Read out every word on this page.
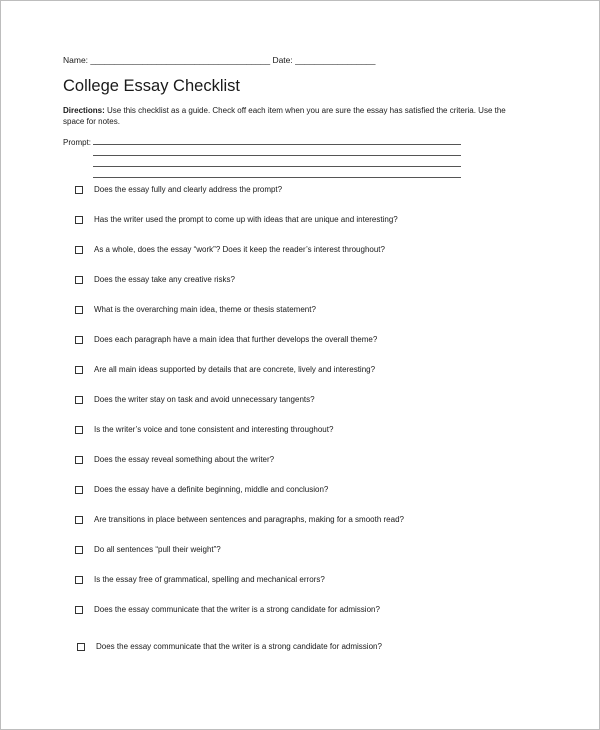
Name: ______________________________________ Date: _________________
College Essay Checklist
Directions: Use this checklist as a guide. Check off each item when you are sure the essay has satisfied the criteria. Use the space for notes.
Prompt:
Does the essay fully and clearly address the prompt?
Has the writer used the prompt to come up with ideas that are unique and interesting?
As a whole, does the essay “work”? Does it keep the reader’s interest throughout?
Does the essay take any creative risks?
What is the overarching main idea, theme or thesis statement?
Does each paragraph have a main idea that further develops the overall theme?
Are all main ideas supported by details that are concrete, lively and interesting?
Does the writer stay on task and avoid unnecessary tangents?
Is the writer’s voice and tone consistent and interesting throughout?
Does the essay reveal something about the writer?
Does the essay have a definite beginning, middle and conclusion?
Are transitions in place between sentences and paragraphs, making for a smooth read?
Do all sentences “pull their weight”?
Is the essay free of grammatical, spelling and mechanical errors?
Does the essay communicate that the writer is a strong candidate for admission?
Does the essay communicate that the writer is a strong candidate for admission?
